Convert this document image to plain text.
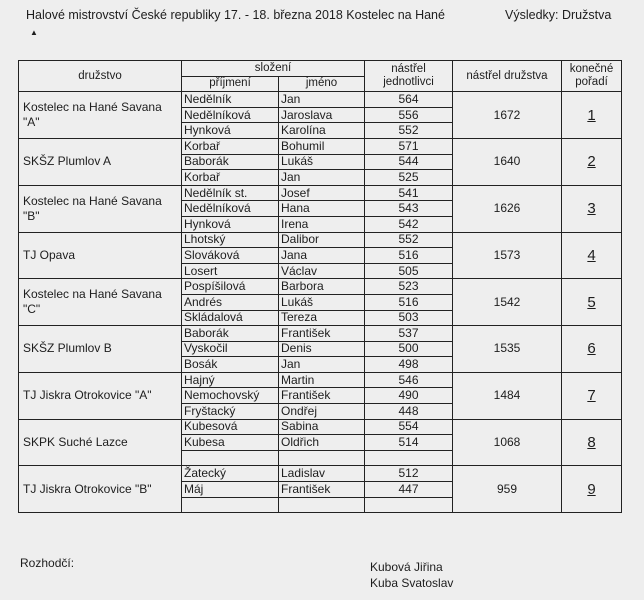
Halové mistrovství České republiky 17. - 18. března 2018 Kostelec na Hané	Výsledky: Družstva
▲
družstvo	složení		nástřel jednotlivci	nástřel družstva	konečné pořadí
	příjmení	jméno			
Kostelec na Hané Savana "A"	Nedělník	Jan	564	1672	1
	Nedělníková	Jaroslava	556		
	Hynková	Karolína	552		
SKŠZ Plumlov A	Korbař	Bohumil	571	1640	2
	Baborák	Lukáš	544		
	Korbař	Jan	525		
Kostelec na Hané Savana "B"	Nedělník st.	Josef	541	1626	3
	Nedělníková	Hana	543		
	Hynková	Irena	542		
TJ Opava	Lhotský	Dalibor	552	1573	4
	Slováková	Jana	516		
	Losert	Václav	505		
Kostelec na Hané Savana "C"	Pospíšilová	Barbora	523	1542	5
	Andrés	Lukáš	516		
	Skládalová	Tereza	503		
SKŠZ Plumlov B	Baborák	František	537	1535	6
	Vyskočil	Denis	500		
	Bosák	Jan	498		
TJ Jiskra Otrokovice "A"	Hajný	Martin	546	1484	7
	Nemochovský	František	490		
	Fryštacký	Ondřej	448		
SKPK Suché Lazce	Kubesová	Sabina	554	1068	8
	Kubesa	Oldřich	514		

TJ Jiskra Otrokovice "B"	Žatecký	Ladislav	512	959	9
	Máj	František	447		

Rozhodčí:	Kubová Jiřina
Kuba Svatoslav
